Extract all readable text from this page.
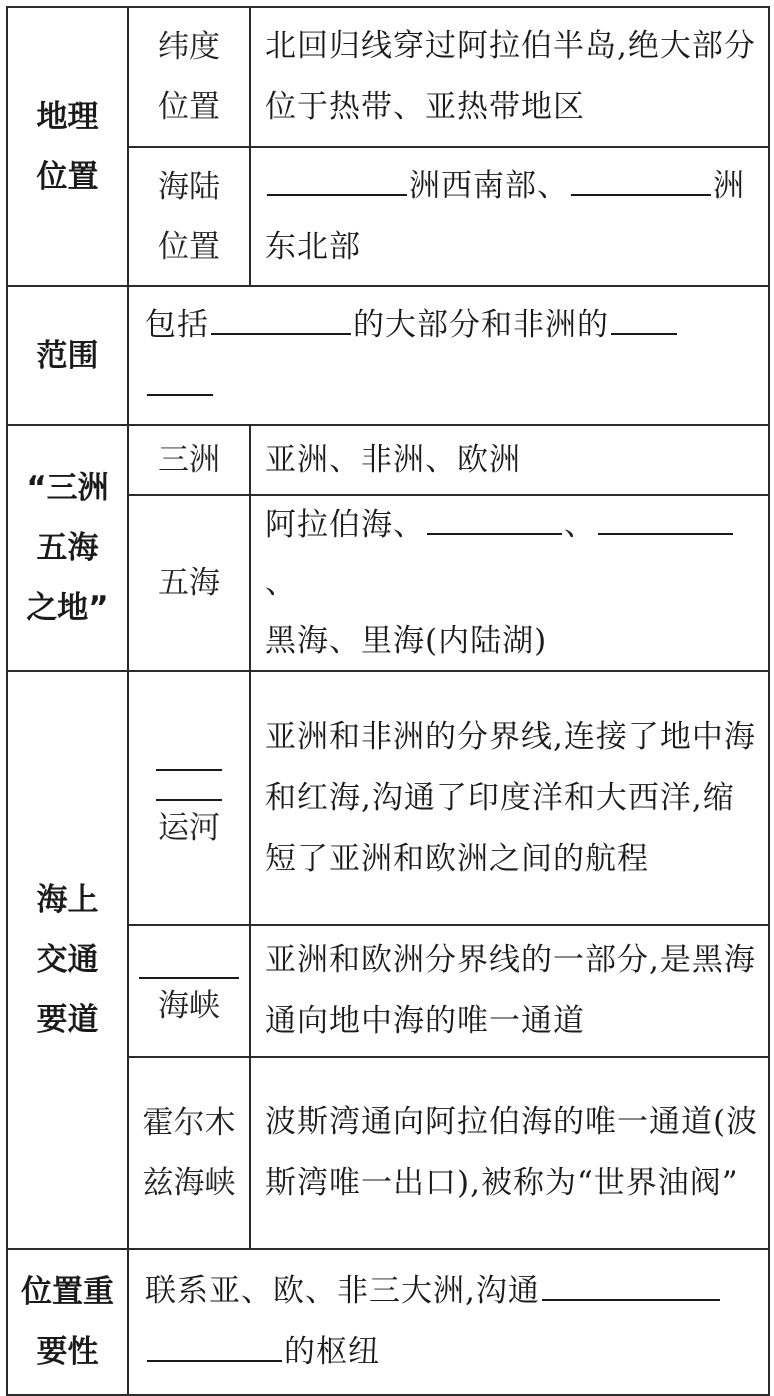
地理位置	纬度位置	北回归线穿过阿拉伯半岛,绝大部分位于热带、亚热带地区
	海陆位置	洲西南部、 洲
东北部
范围	包括 的大部分和非洲的	

“三洲五海之地”	三洲	亚洲、非洲、欧洲
	五海	阿拉伯海、 、、
黑海、里海(内陆湖)
海上交通要道	运河	亚洲和非洲的分界线,连接了地中海和红海,沟通了印度洋和大西洋,缩短了亚洲和欧洲之间的航程

	海峡	亚洲和欧洲分界线的一部分,是黑海通向地中海的唯一通道
	霍尔木兹海峡	波斯湾通向阿拉伯海的唯一通道(波斯湾唯一出口),被称为“世界油阀”
位置重要性	联系亚、欧、非三大洲,沟通
的枢纽	
